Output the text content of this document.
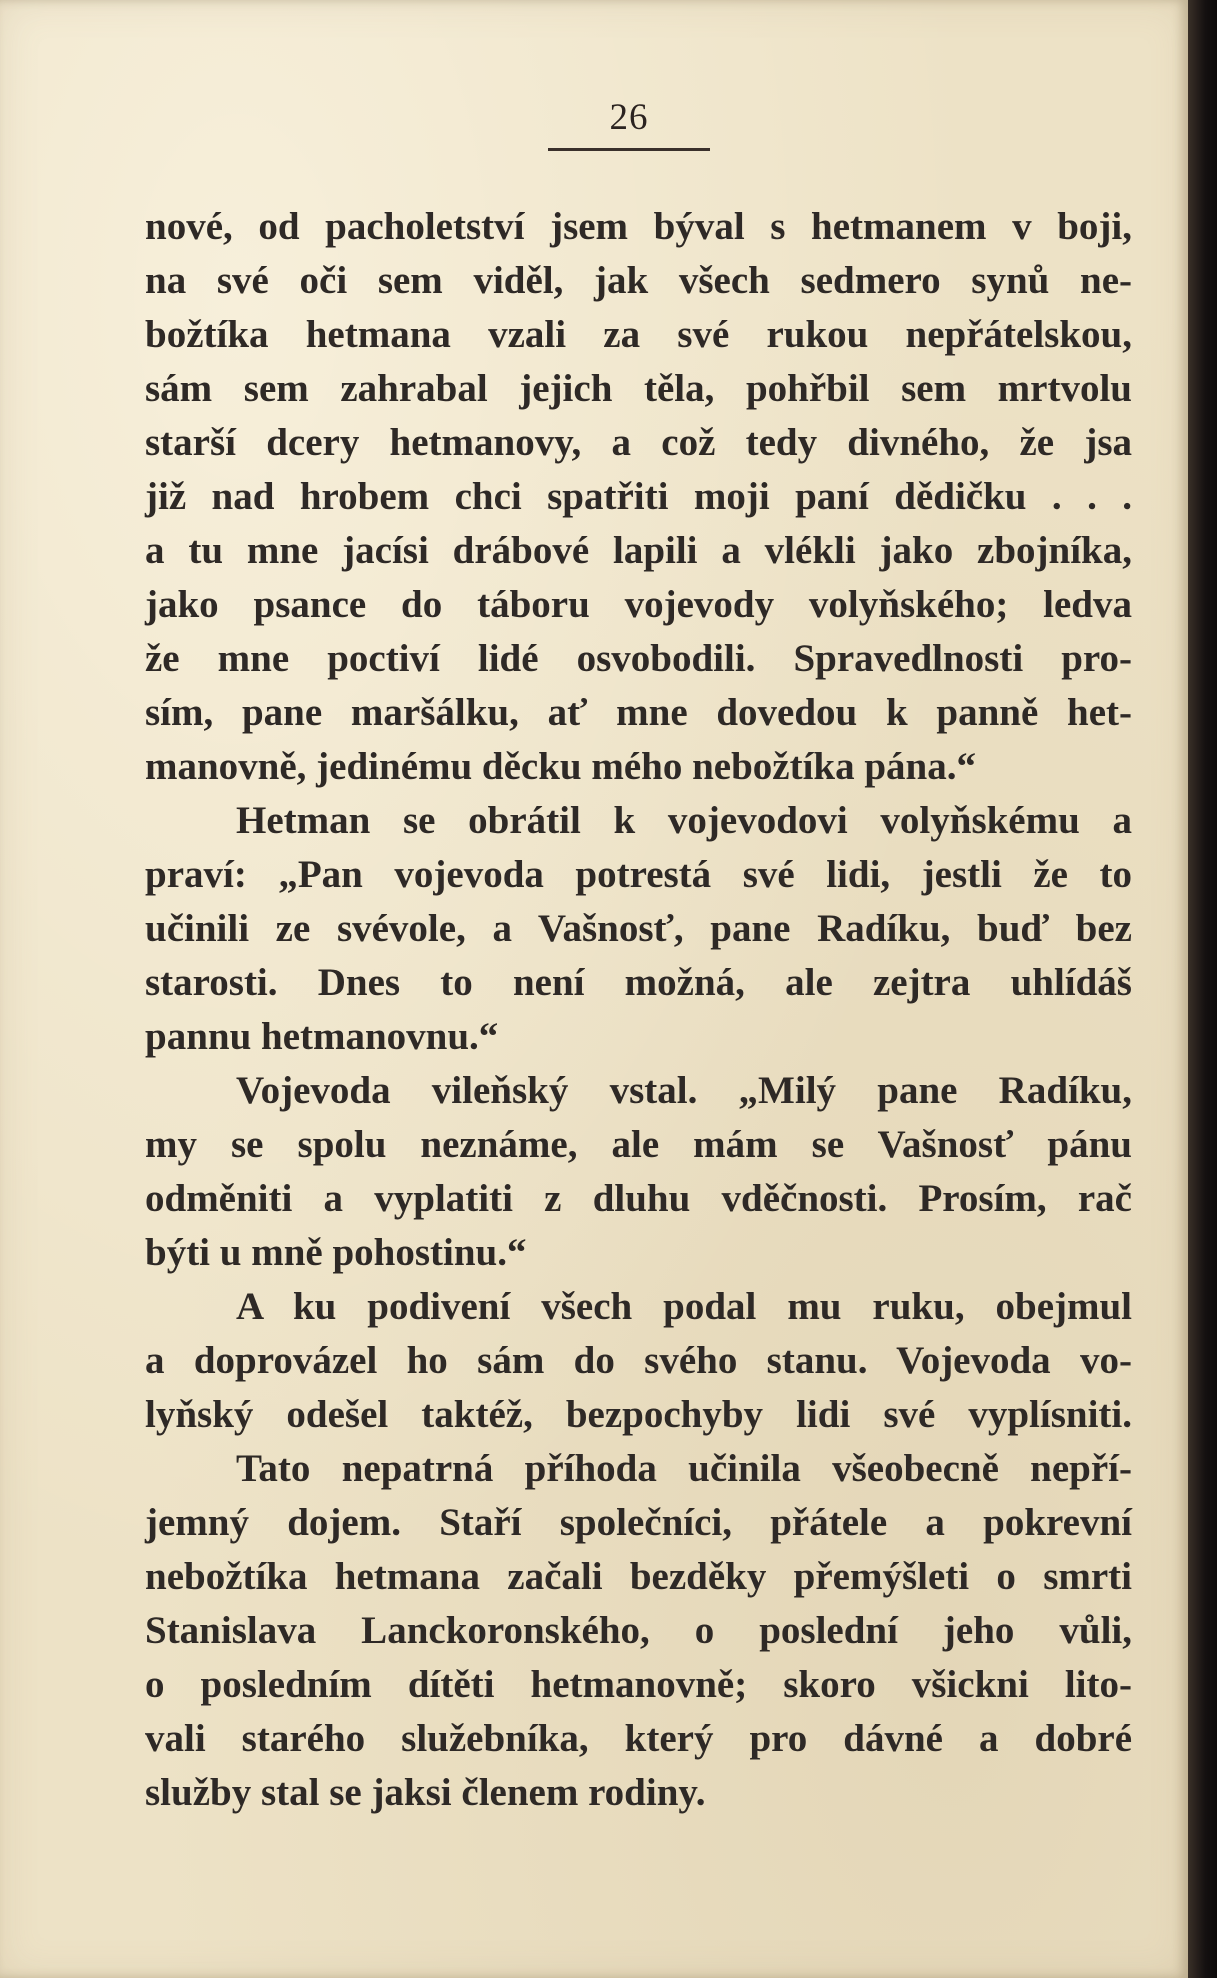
26
nové, od pacholetství jsem býval s hetmanem v boji,
na své oči sem viděl, jak všech sedmero synů ne-
božtíka hetmana vzali za své rukou nepřátelskou,
sám sem zahrabal jejich těla, pohřbil sem mrtvolu
starší dcery hetmanovy, a což tedy divného, že jsa
již nad hrobem chci spatřiti moji paní dědičku . . .
a tu mne jacísi drábové lapili a vlékli jako zbojníka,
jako psance do táboru vojevody volyňského; ledva
že mne poctiví lidé osvobodili. Spravedlnosti pro-
sím, pane maršálku, ať mne dovedou k panně het-
manovně, jedinému děcku mého nebožtíka pána.“
Hetman se obrátil k vojevodovi volyňskému a
praví: „Pan vojevoda potrestá své lidi, jestli že to
učinili ze svévole, a Vašnosť, pane Radíku, buď bez
starosti. Dnes to není možná, ale zejtra uhlídáš
pannu hetmanovnu.“
Vojevoda vileňský vstal. „Milý pane Radíku,
my se spolu neznáme, ale mám se Vašnosť pánu
odměniti a vyplatiti z dluhu vděčnosti. Prosím, rač
býti u mně pohostinu.“
A ku podivení všech podal mu ruku, obejmul
a doprovázel ho sám do svého stanu. Vojevoda vo-
lyňský odešel taktéž, bezpochyby lidi své vyplísniti.
Tato nepatrná příhoda učinila všeobecně nepří-
jemný dojem. Staří společníci, přátele a pokrevní
nebožtíka hetmana začali bezděky přemýšleti o smrti
Stanislava Lanckoronského, o poslední jeho vůli,
o posledním dítěti hetmanovně; skoro všickni lito-
vali starého služebníka, který pro dávné a dobré
služby stal se jaksi členem rodiny.
